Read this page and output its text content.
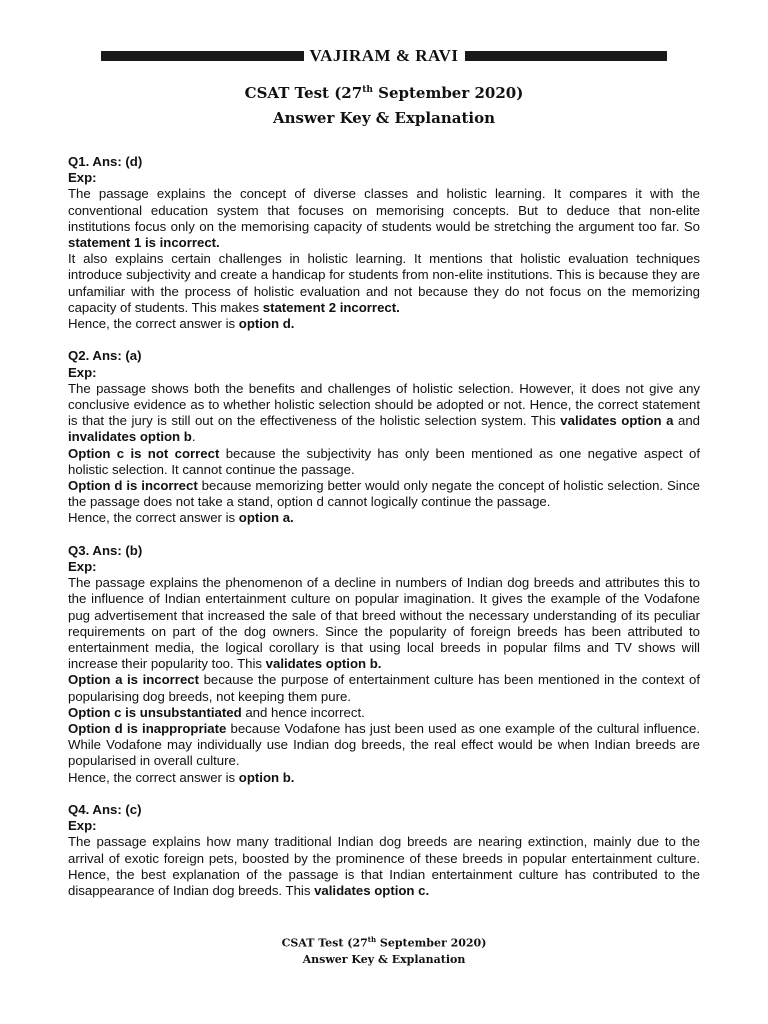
VAJIRAM & RAVI
CSAT Test (27th September 2020)
Answer Key & Explanation
Q1. Ans: (d)
Exp:
The passage explains the concept of diverse classes and holistic learning. It compares it with the conventional education system that focuses on memorising concepts. But to deduce that non-elite institutions focus only on the memorising capacity of students would be stretching the argument too far. So statement 1 is incorrect.
It also explains certain challenges in holistic learning. It mentions that holistic evaluation techniques introduce subjectivity and create a handicap for students from non-elite institutions. This is because they are unfamiliar with the process of holistic evaluation and not because they do not focus on the memorizing capacity of students. This makes statement 2 incorrect.
Hence, the correct answer is option d.
Q2. Ans: (a)
Exp:
The passage shows both the benefits and challenges of holistic selection. However, it does not give any conclusive evidence as to whether holistic selection should be adopted or not. Hence, the correct statement is that the jury is still out on the effectiveness of the holistic selection system. This validates option a and invalidates option b.
Option c is not correct because the subjectivity has only been mentioned as one negative aspect of holistic selection. It cannot continue the passage.
Option d is incorrect because memorizing better would only negate the concept of holistic selection. Since the passage does not take a stand, option d cannot logically continue the passage.
Hence, the correct answer is option a.
Q3. Ans: (b)
Exp:
The passage explains the phenomenon of a decline in numbers of Indian dog breeds and attributes this to the influence of Indian entertainment culture on popular imagination. It gives the example of the Vodafone pug advertisement that increased the sale of that breed without the necessary understanding of its peculiar requirements on part of the dog owners. Since the popularity of foreign breeds has been attributed to entertainment media, the logical corollary is that using local breeds in popular films and TV shows will increase their popularity too. This validates option b.
Option a is incorrect because the purpose of entertainment culture has been mentioned in the context of popularising dog breeds, not keeping them pure.
Option c is unsubstantiated and hence incorrect.
Option d is inappropriate because Vodafone has just been used as one example of the cultural influence. While Vodafone may individually use Indian dog breeds, the real effect would be when Indian breeds are popularised in overall culture.
Hence, the correct answer is option b.
Q4. Ans: (c)
Exp:
The passage explains how many traditional Indian dog breeds are nearing extinction, mainly due to the arrival of exotic foreign pets, boosted by the prominence of these breeds in popular entertainment culture. Hence, the best explanation of the passage is that Indian entertainment culture has contributed to the disappearance of Indian dog breeds. This validates option c.
CSAT Test (27th September 2020)
Answer Key & Explanation
